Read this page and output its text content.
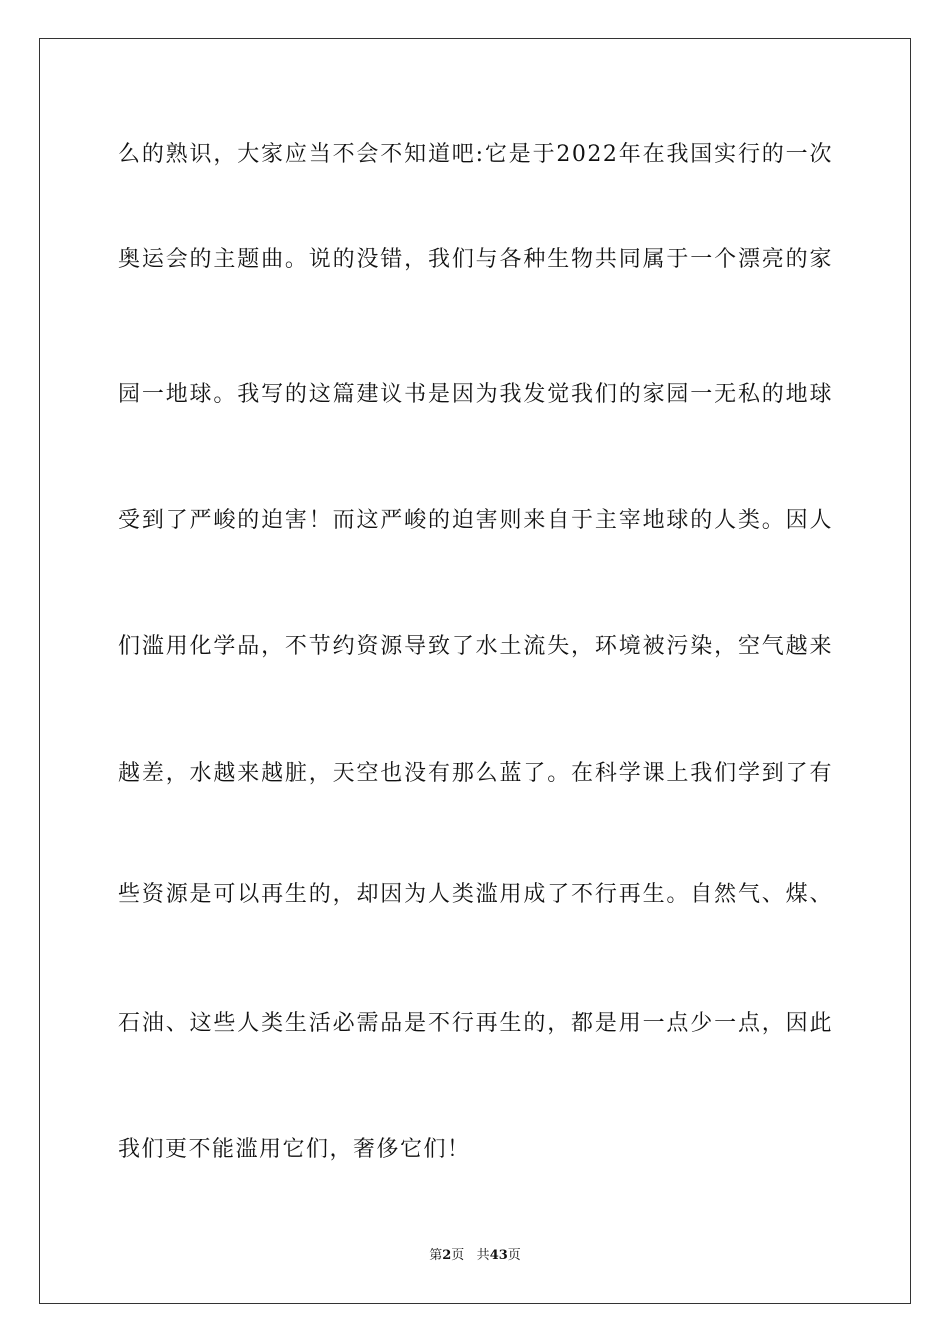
么的熟识，大家应当不会不知道吧:它是于2022年在我国实行的一次
奥运会的主题曲。说的没错，我们与各种生物共同属于一个漂亮的家
园一地球。我写的这篇建议书是因为我发觉我们的家园一无私的地球
受到了严峻的迫害！而这严峻的迫害则来自于主宰地球的人类。因人
们滥用化学品，不节约资源导致了水土流失，环境被污染，空气越来
越差，水越来越脏，天空也没有那么蓝了。在科学课上我们学到了有
些资源是可以再生的，却因为人类滥用成了不行再生。自然气、煤、
石油、这些人类生活必需品是不行再生的，都是用一点少一点，因此
我们更不能滥用它们，奢侈它们！
第2页 共43页
